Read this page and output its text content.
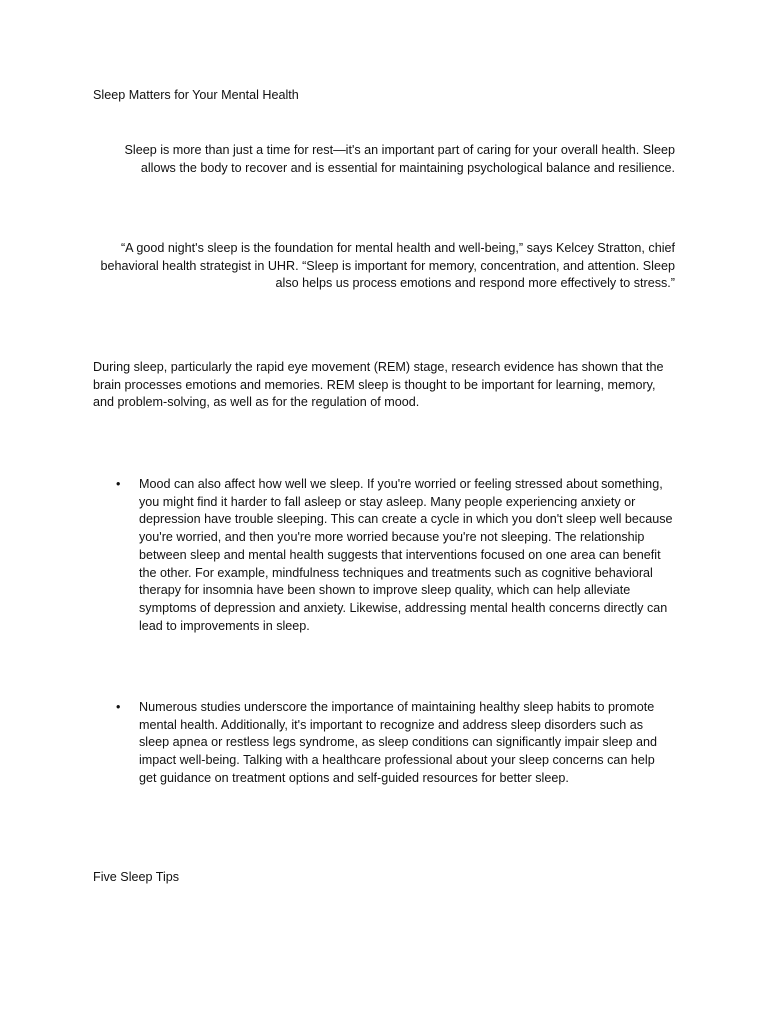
Sleep Matters for Your Mental Health

Sleep is more than just a time for rest—it's an important part of caring for your overall health. Sleep allows the body to recover and is essential for maintaining psychological balance and resilience.

“A good night's sleep is the foundation for mental health and well-being,” says Kelcey Stratton, chief behavioral health strategist in UHR. “Sleep is important for memory, concentration, and attention. Sleep also helps us process emotions and respond more effectively to stress.”

During sleep, particularly the rapid eye movement (REM) stage, research evidence has shown that the brain processes emotions and memories. REM sleep is thought to be important for learning, memory, and problem-solving, as well as for the regulation of mood.

• Mood can also affect how well we sleep. If you're worried or feeling stressed about something, you might find it harder to fall asleep or stay asleep. Many people experiencing anxiety or depression have trouble sleeping. This can create a cycle in which you don't sleep well because you're worried, and then you're more worried because you're not sleeping. The relationship between sleep and mental health suggests that interventions focused on one area can benefit the other. For example, mindfulness techniques and treatments such as cognitive behavioral therapy for insomnia have been shown to improve sleep quality, which can help alleviate symptoms of depression and anxiety. Likewise, addressing mental health concerns directly can lead to improvements in sleep.

• Numerous studies underscore the importance of maintaining healthy sleep habits to promote mental health. Additionally, it's important to recognize and address sleep disorders such as sleep apnea or restless legs syndrome, as sleep conditions can significantly impair sleep and impact well-being. Talking with a healthcare professional about your sleep concerns can help get guidance on treatment options and self-guided resources for better sleep.

Five Sleep Tips
